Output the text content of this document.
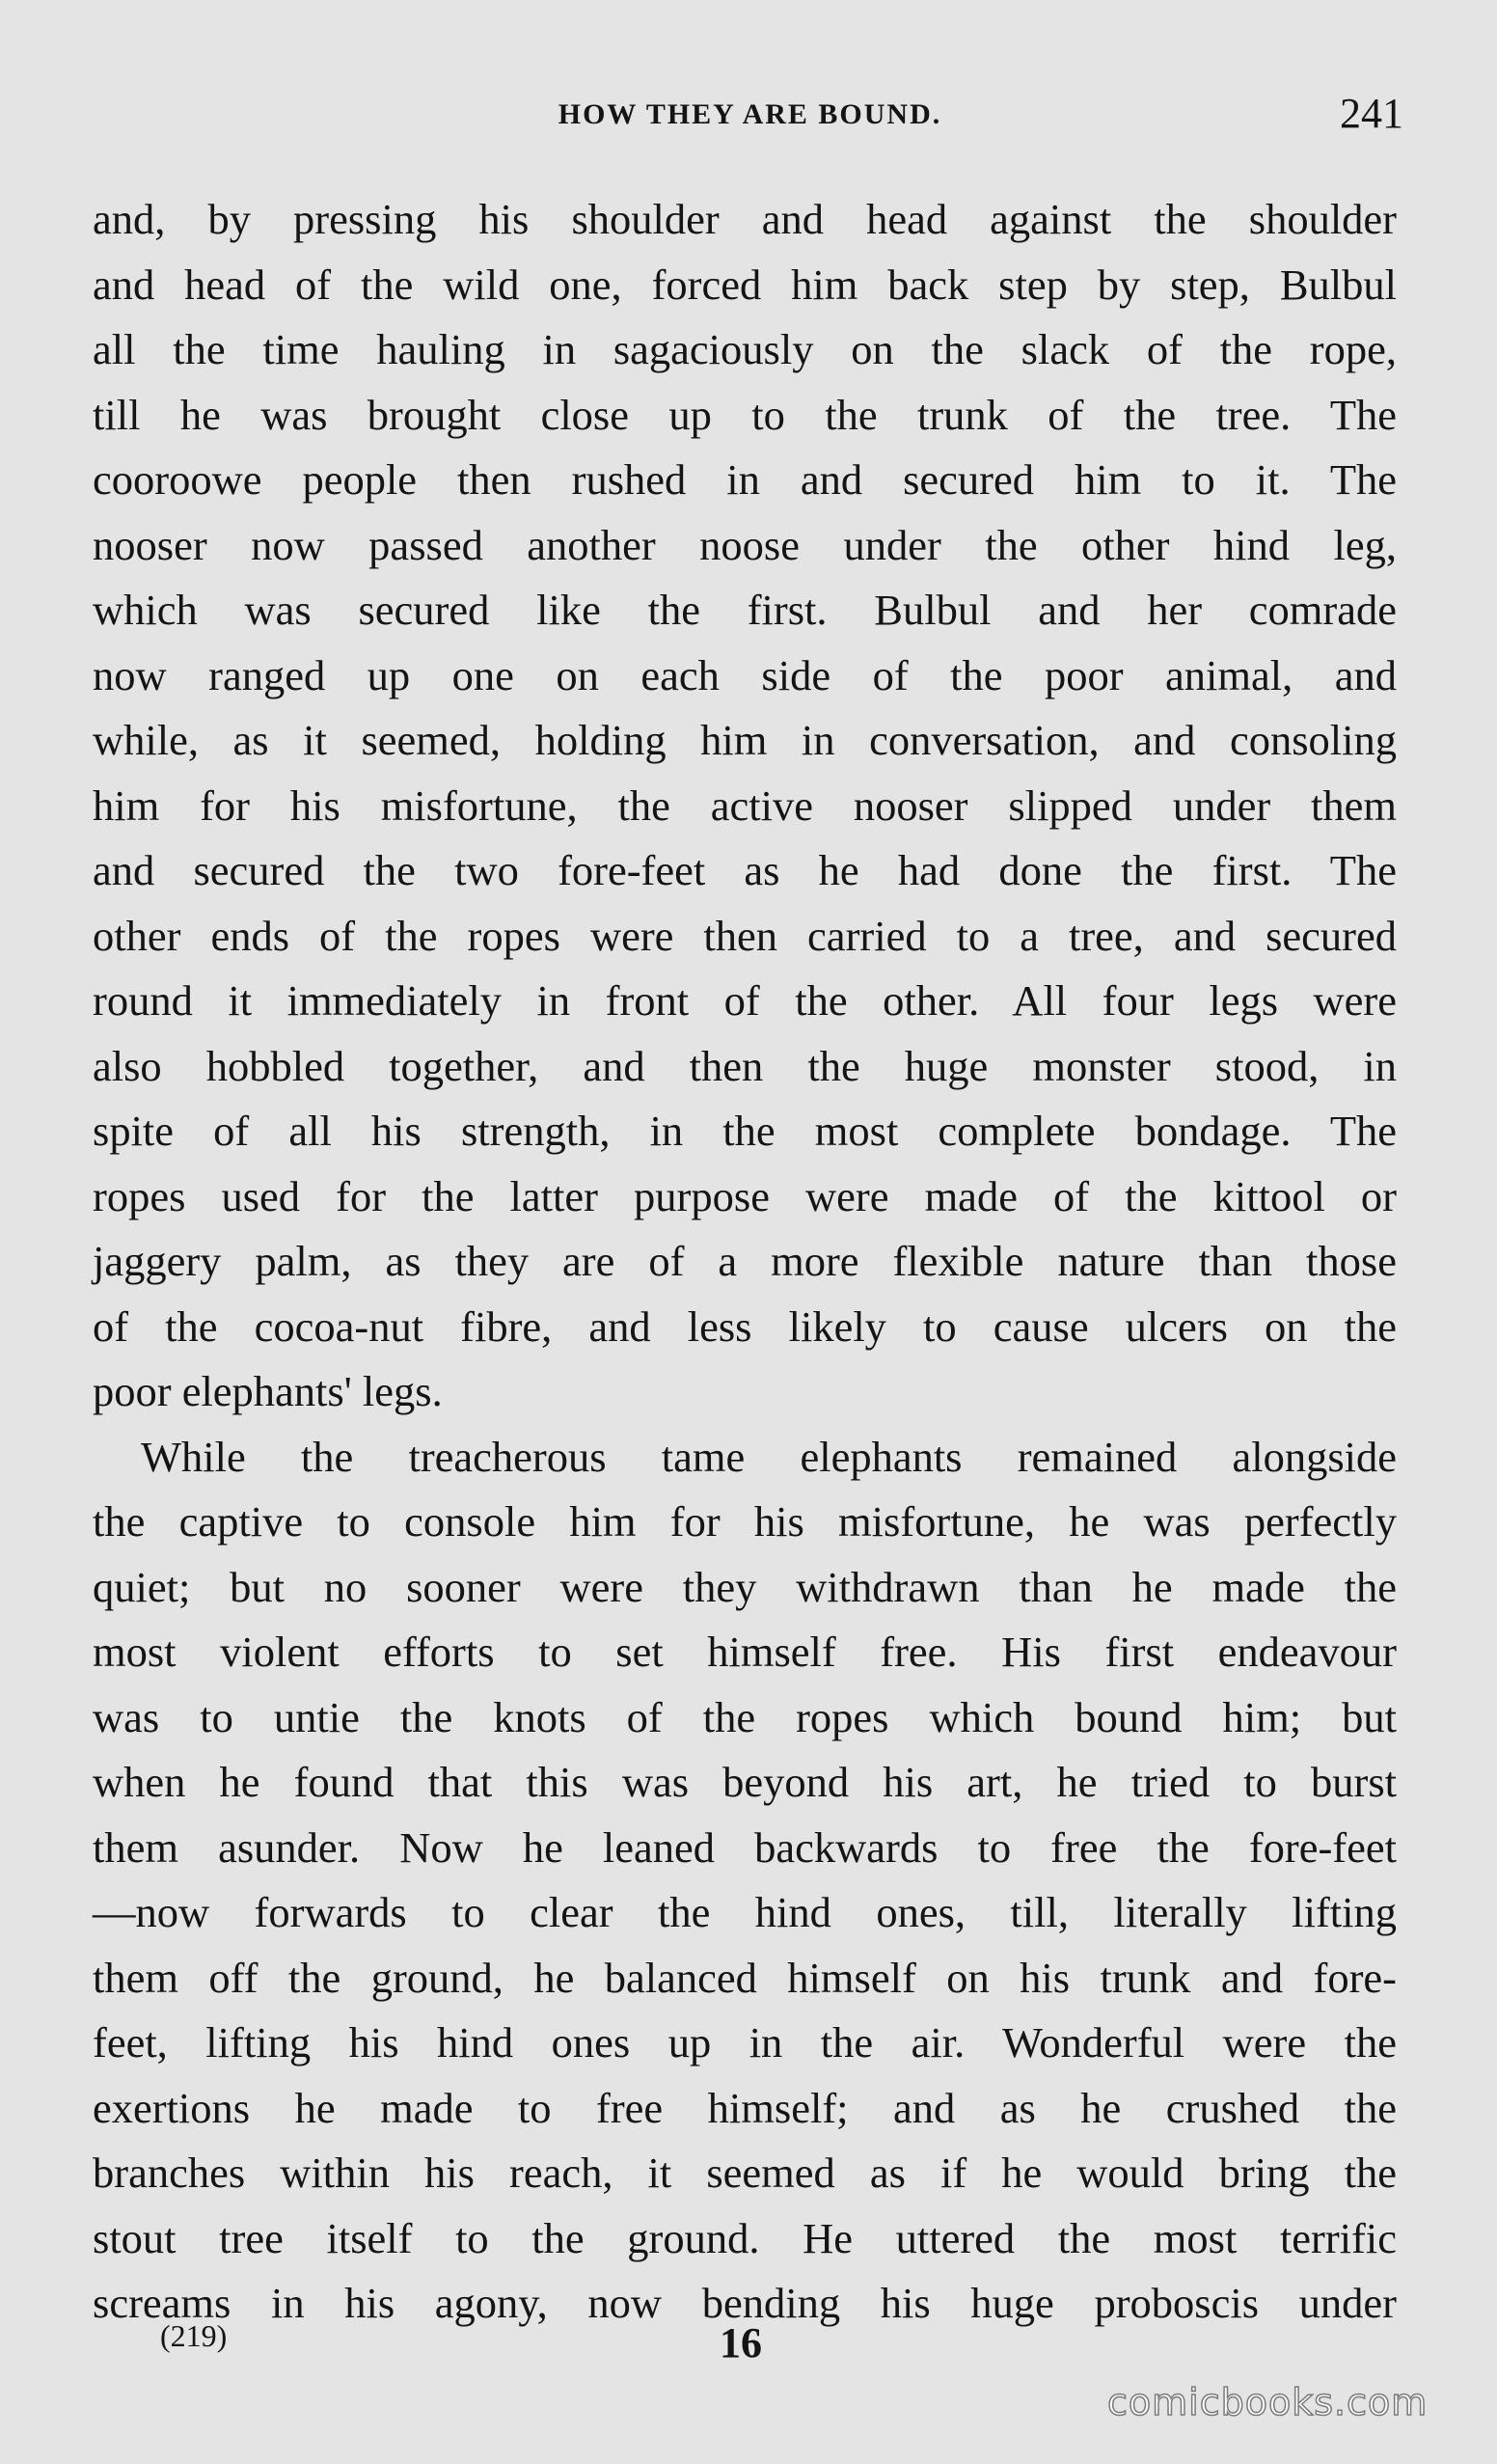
HOW THEY ARE BOUND.	241
and, by pressing his shoulder and head against the shoulder
and head of the wild one, forced him back step by step, Bulbul
all the time hauling in sagaciously on the slack of the rope,
till he was brought close up to the trunk of the tree. The
cooroowe people then rushed in and secured him to it. The
nooser now passed another noose under the other hind leg,
which was secured like the first. Bulbul and her comrade
now ranged up one on each side of the poor animal, and
while, as it seemed, holding him in conversation, and consoling
him for his misfortune, the active nooser slipped under them
and secured the two fore-feet as he had done the first. The
other ends of the ropes were then carried to a tree, and secured
round it immediately in front of the other. All four legs were
also hobbled together, and then the huge monster stood, in
spite of all his strength, in the most complete bondage. The
ropes used for the latter purpose were made of the kittool or
jaggery palm, as they are of a more flexible nature than those
of the cocoa-nut fibre, and less likely to cause ulcers on the
poor elephants' legs.
While the treacherous tame elephants remained alongside
the captive to console him for his misfortune, he was perfectly
quiet; but no sooner were they withdrawn than he made the
most violent efforts to set himself free. His first endeavour
was to untie the knots of the ropes which bound him; but
when he found that this was beyond his art, he tried to burst
them asunder. Now he leaned backwards to free the fore-feet
—now forwards to clear the hind ones, till, literally lifting
them off the ground, he balanced himself on his trunk and fore-
feet, lifting his hind ones up in the air. Wonderful were the
exertions he made to free himself; and as he crushed the
branches within his reach, it seemed as if he would bring the
stout tree itself to the ground. He uttered the most terrific
screams in his agony, now bending his huge proboscis under
(219)	16
comicbooks.com
